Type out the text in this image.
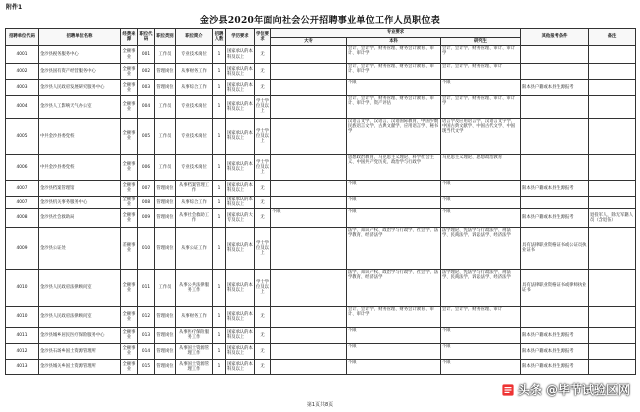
附件1
金沙县2020年面向社会公开招聘事业单位工作人员职位表
招聘单位代码	招聘单位名称	经费来源	职位代码	职位类别	职位简介	招聘人数	学历要求	学位要求	专业要求			其他报考条件	备注
									大专	本科	研究生		
4001	金沙县税务服务中心	全额事业	001	工作员	专业技术岗位	1	国家承认的本科及以上	无		会计、会计学、财务管理、财务会计教育、审计、审计学	会计、会计学、财务管理、审计、审计学		
4002	金沙县国有资产经营服务中心	全额事业	002	管理岗位	从事财务工作	1	国家承认的本科及以上	无		会计、会计学、财务管理、财务会计教育、审计、审计学	会计、会计学、财务管理、审计		
4003	金沙县人民政府发展研究服务中心	全额事业	003	管理岗位	从事综合工作	1	国家承认的本科及以上	无		不限	不限	限本县户籍或本县生源报考	
4004	金沙县人工影响天气办公室	全额事业	004	工作员	专业技术岗位	1	国家承认的本科及以上	学士学位及以上		会计、会计学、财务管理、财务会计教育、审计、审计学、资产评估	会计、会计学、财务管理、审计、审计学		
4005	中共金沙县委党校	全额事业	005	工作员	专业技术岗位	1	国家承认的本科及以上	学士学位及以上		汉语言文学、汉语言、汉语国际教育、中国少数民族语言文学、古典文献学、应用语言学、秘书学	语言学及应用语言学、汉语言文字学、中国古典文献学、中国古代文学、中国现当代文学		
4006	中共金沙县委党校	全额事业	006	工作员	专业技术岗位	1	国家承认的本科及以上	学士学位及以上		思想政治教育、马克思主义理论、科学社会主义、中国共产党历史、政治学与行政学	马克思主义理论、思想政治教育		
4007	金沙县档案管理馆	全额事业	007	管理岗位	从事档案管理工作	1	国家承认的本科及以上	无		不限	不限	限本县户籍或本县生源报考	
4007	金沙县机关事务服务中心	全额事业	008	管理岗位	从事综合工作	1	国家承认的本科及以上	无		不限	不限		
4008	金沙县社会救助局	全额事业	009	管理岗位	从事社会救助工作	1	国家承认的大专及以上	无	不限	不限	不限	限本县户籍或本县生源报考	退役军人，除无军籍人员（含退伍）
4009	金沙县公证处	差额事业	010	管理岗位	从事公证工作	1	国家承认的本科及以上	学士学位及以上		法学、知识产权、政治学与行政学、社会学、法学教育、经济法学	法学理论、宪法学与行政法学、刑法学、民商法学、诉讼法学、经济法学	具有法律职业资格证书或公证员执业证书	
4010	金沙县人民政府法律顾问室	全额事业	011	工作员	从事公共法律服务工作	1	国家承认的本科及以上	学士学位及以上		法学、知识产权、政治学与行政学、社会学、法学教育、经济法学	法学理论、宪法学与行政法学、刑法学、民商法学、诉讼法学、经济法学	具有法律职业资格证书或律师执业证书	
4010	金沙县人民政府法律顾问室	全额事业	012	管理岗位	从事财务工作	1	国家承认的本科及以上	无		会计、会计学、财务管理、财务会计教育、审计、审计学	会计、会计学、财务管理、审计		
4011	金沙县城乡居民医疗保险服务中心	全额事业	013	管理岗位	从事医疗保险服务工作	1	国家承认的本科及以上	无		不限	不限	限本县户籍或本县生源报考	
4012	金沙县石场乡国土资源管理所	全额事业	014	管理岗位	从事国土资源管理工作	1	国家承认的本科及以上	无		不限	不限	限本县户籍或本县生源报考	
4013	金沙县城关乡国土资源管理所	全额事业	015	管理岗位	从事国土资源管理工作	1	国家承认的本科及以上	无		不限	不限	限本县户籍或本县生源报考	
第1页共8页
头条 @毕节试验区网
